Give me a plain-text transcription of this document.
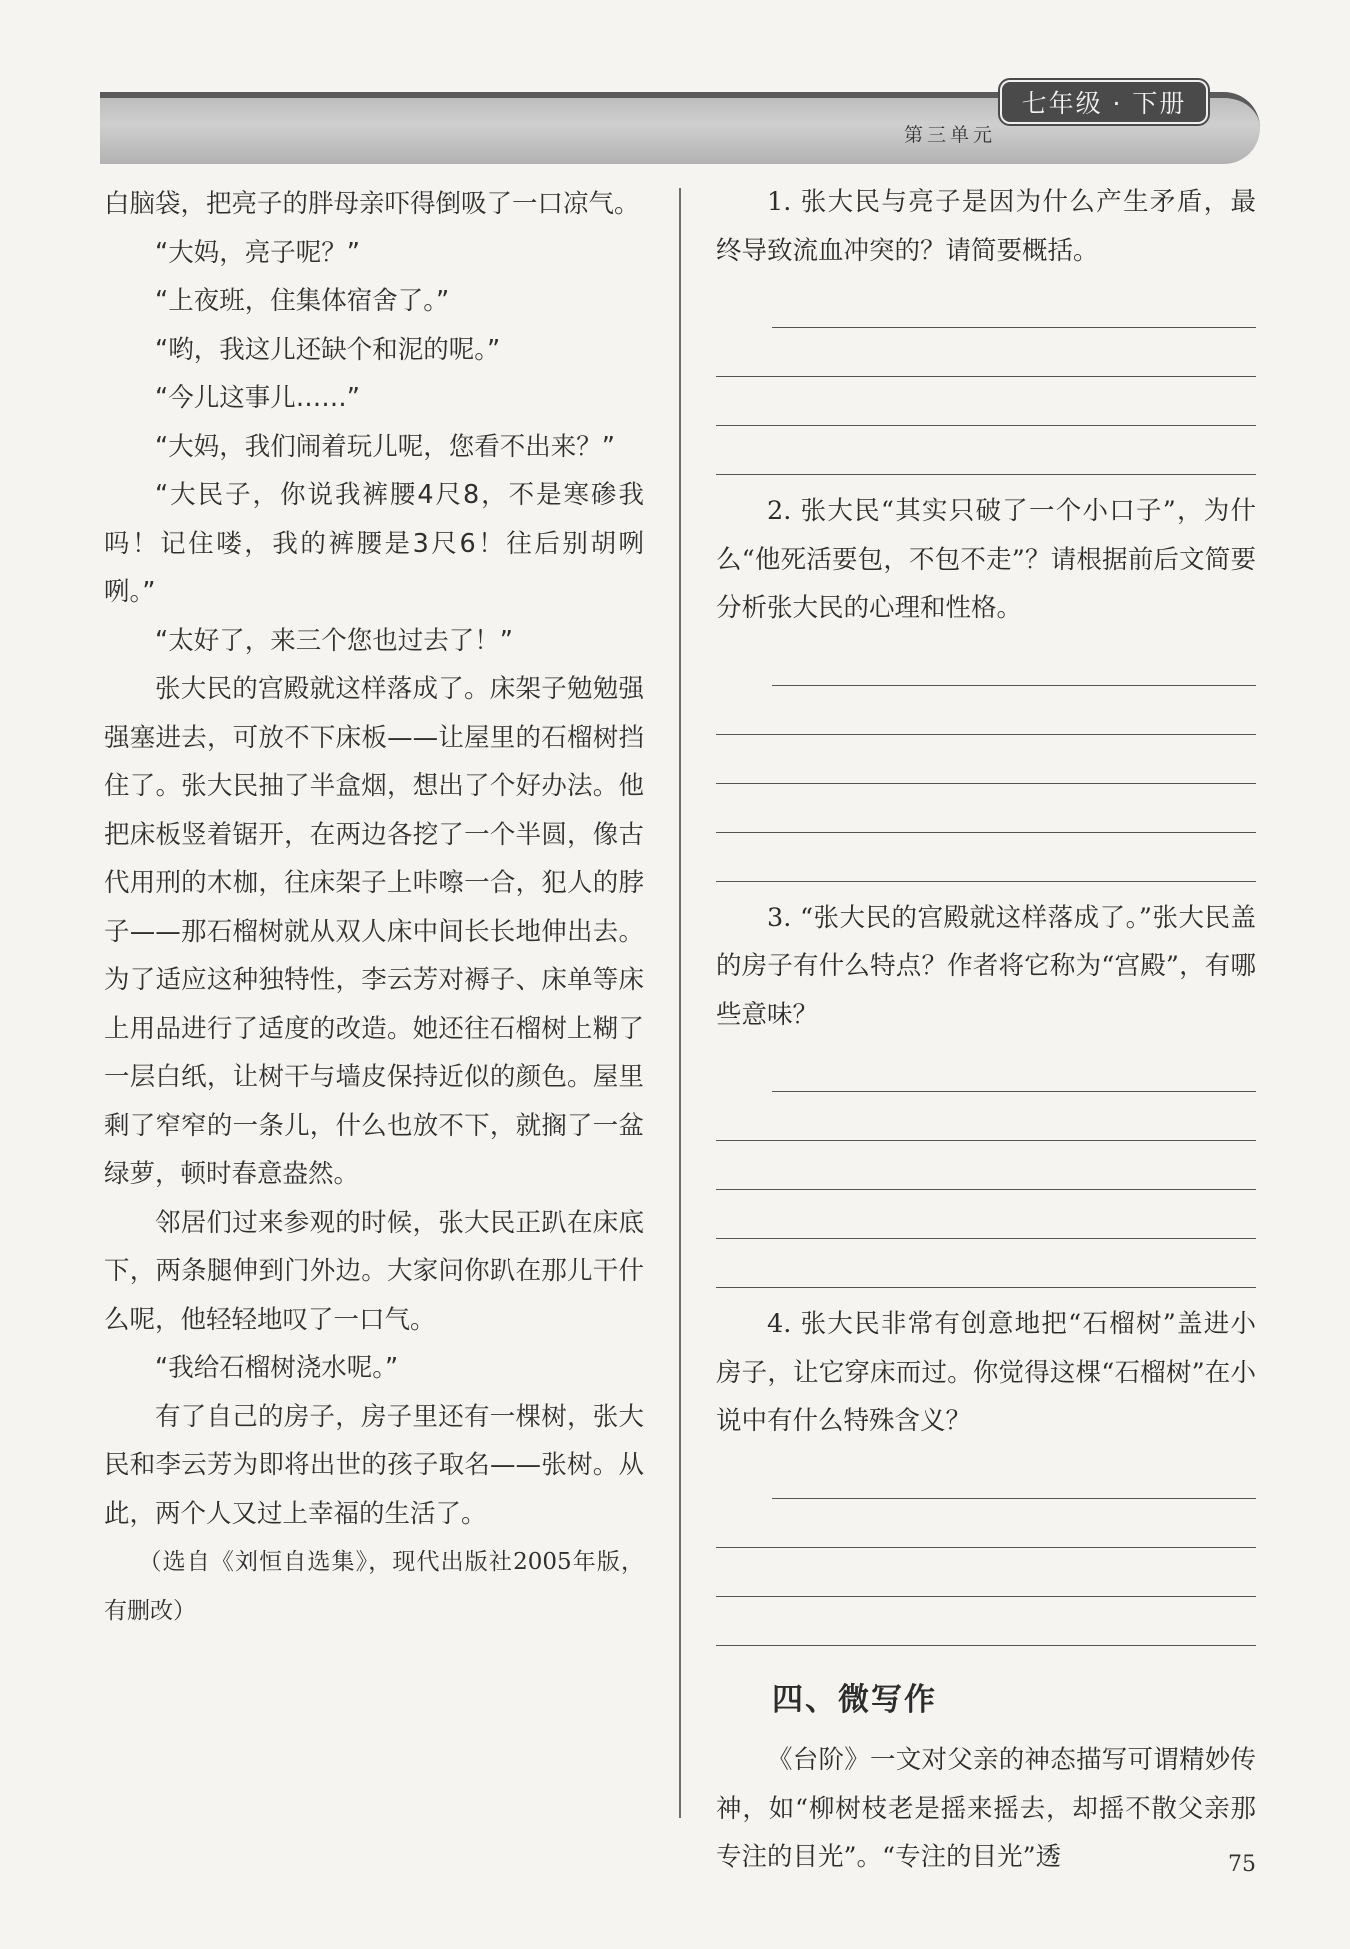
七年级 · 下册
第三单元

白脑袋，把亮子的胖母亲吓得倒吸了一口凉气。

“大妈，亮子呢？”

“上夜班，住集体宿舍了。”

“哟，我这儿还缺个和泥的呢。”

“今儿这事儿……”

“大妈，我们闹着玩儿呢，您看不出来？”

“大民子，你说我裤腰4尺8，不是寒碜我吗！记住喽，我的裤腰是3尺6！往后别胡咧咧。”

“太好了，来三个您也过去了！”

张大民的宫殿就这样落成了。床架子勉勉强强塞进去，可放不下床板——让屋里的石榴树挡住了。张大民抽了半盒烟，想出了个好办法。他把床板竖着锯开，在两边各挖了一个半圆，像古代用刑的木枷，往床架子上咔嚓一合，犯人的脖子——那石榴树就从双人床中间长长地伸出去。为了适应这种独特性，李云芳对褥子、床单等床上用品进行了适度的改造。她还往石榴树上糊了一层白纸，让树干与墙皮保持近似的颜色。屋里剩了窄窄的一条儿，什么也放不下，就搁了一盆绿萝，顿时春意盎然。

邻居们过来参观的时候，张大民正趴在床底下，两条腿伸到门外边。大家问你趴在那儿干什么呢，他轻轻地叹了一口气。

“我给石榴树浇水呢。”

有了自己的房子，房子里还有一棵树，张大民和李云芳为即将出世的孩子取名——张树。从此，两个人又过上幸福的生活了。

（选自《刘恒自选集》，现代出版社2005年版，有删改）

1. 张大民与亮子是因为什么产生矛盾，最终导致流血冲突的？请简要概括。

2. 张大民“其实只破了一个小口子”，为什么“他死活要包，不包不走”？请根据前后文简要分析张大民的心理和性格。

3. “张大民的宫殿就这样落成了。”张大民盖的房子有什么特点？作者将它称为“宫殿”，有哪些意味？

4. 张大民非常有创意地把“石榴树”盖进小房子，让它穿床而过。你觉得这棵“石榴树”在小说中有什么特殊含义？

四、微写作

《台阶》一文对父亲的神态描写可谓精妙传神，如“柳树枝老是摇来摇去，却摇不散父亲那专注的目光”。“专注的目光”透	75
